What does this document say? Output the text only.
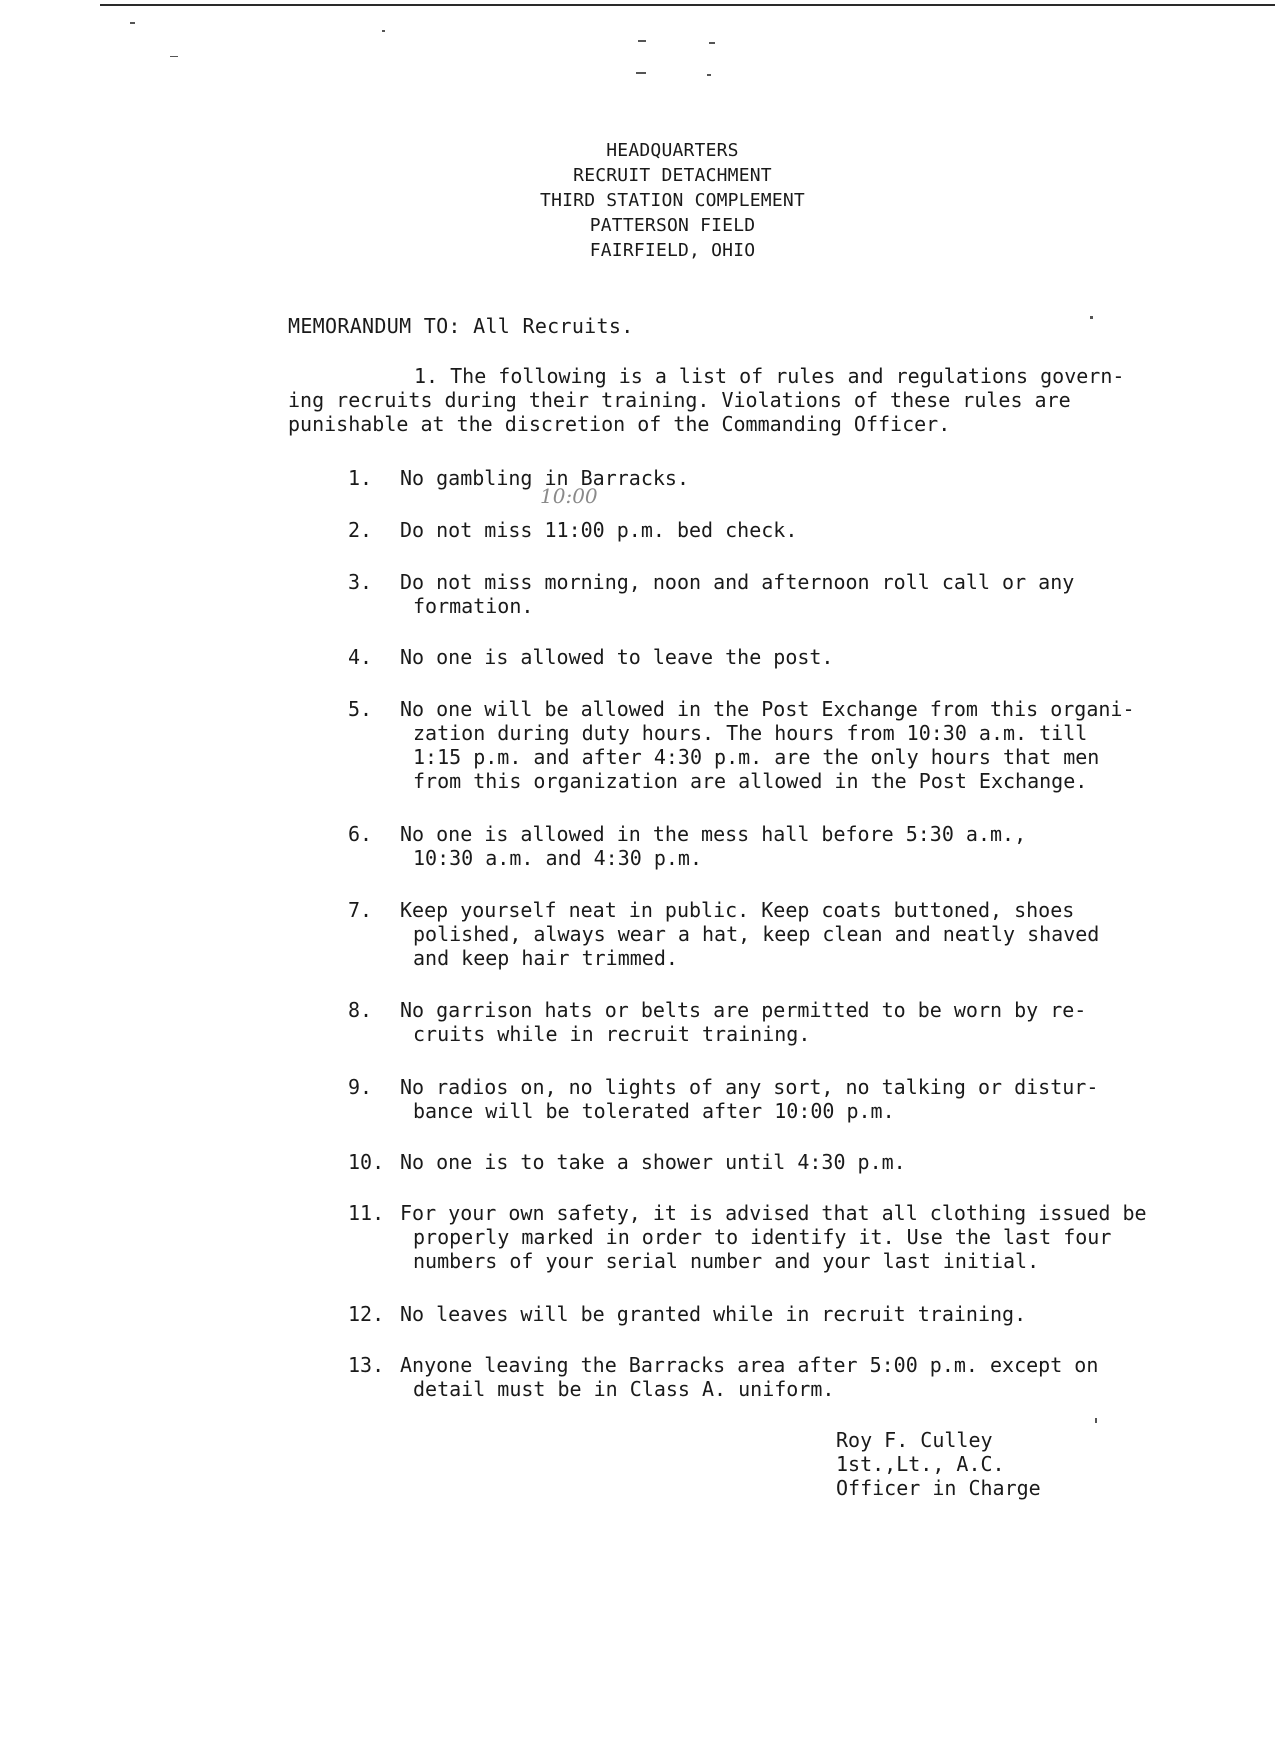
HEADQUARTERS
RECRUIT DETACHMENT
THIRD STATION COMPLEMENT
PATTERSON FIELD
FAIRFIELD, OHIO
MEMORANDUM TO: All Recruits.
1. The following is a list of rules and regulations govern-
ing recruits during their training. Violations of these rules are
punishable at the discretion of the Commanding Officer.
1. No gambling in Barracks.
10:00
2. Do not miss 11:00 p.m. bed check.
3. Do not miss morning, noon and afternoon roll call or any
formation.
4. No one is allowed to leave the post.
5. No one will be allowed in the Post Exchange from this organi-
zation during duty hours. The hours from 10:30 a.m. till
1:15 p.m. and after 4:30 p.m. are the only hours that men
from this organization are allowed in the Post Exchange.
6. No one is allowed in the mess hall before 5:30 a.m.,
10:30 a.m. and 4:30 p.m.
7. Keep yourself neat in public. Keep coats buttoned, shoes
polished, always wear a hat, keep clean and neatly shaved
and keep hair trimmed.
8. No garrison hats or belts are permitted to be worn by re-
cruits while in recruit training.
9. No radios on, no lights of any sort, no talking or distur-
bance will be tolerated after 10:00 p.m.
10. No one is to take a shower until 4:30 p.m.
11. For your own safety, it is advised that all clothing issued be
properly marked in order to identify it. Use the last four
numbers of your serial number and your last initial.
12. No leaves will be granted while in recruit training.
13. Anyone leaving the Barracks area after 5:00 p.m. except on
detail must be in Class A. uniform.
Roy F. Culley
1st.,Lt., A.C.
Officer in Charge
